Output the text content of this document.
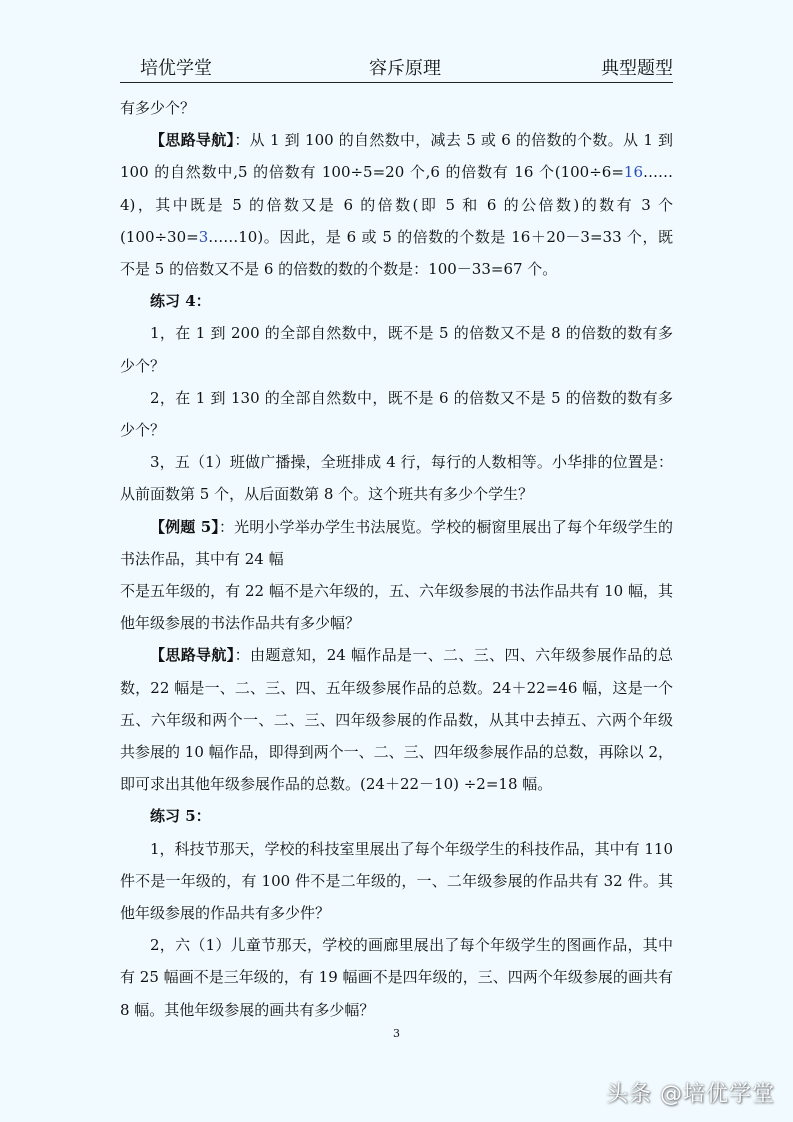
培优学堂	容斥原理	典型题型

有多少个？

【思路导航】：从 1 到 100 的自然数中，减去 5 或 6 的倍数的个数。从 1 到 100 的自然数中,5 的倍数有 100÷5=20 个,6 的倍数有 16 个(100÷6=16……4)，其中既是 5 的倍数又是 6 的倍数(即 5 和 6 的公倍数)的数有 3 个(100÷30=3……10)。因此，是 6 或 5 的倍数的个数是 16＋20－3=33 个，既不是 5 的倍数又不是 6 的倍数的数的个数是：100－33=67 个。

练习 4：

1，在 1 到 200 的全部自然数中，既不是 5 的倍数又不是 8 的倍数的数有多少个？

2，在 1 到 130 的全部自然数中，既不是 6 的倍数又不是 5 的倍数的数有多少个？

3，五（1）班做广播操，全班排成 4 行，每行的人数相等。小华排的位置是：从前面数第 5 个，从后面数第 8 个。这个班共有多少个学生？

【例题 5】：光明小学举办学生书法展览。学校的橱窗里展出了每个年级学生的书法作品，其中有 24 幅

不是五年级的，有 22 幅不是六年级的，五、六年级参展的书法作品共有 10 幅，其他年级参展的书法作品共有多少幅？

【思路导航】：由题意知，24 幅作品是一、二、三、四、六年级参展作品的总数，22 幅是一、二、三、四、五年级参展作品的总数。24＋22=46 幅，这是一个五、六年级和两个一、二、三、四年级参展的作品数，从其中去掉五、六两个年级共参展的 10 幅作品，即得到两个一、二、三、四年级参展作品的总数，再除以 2，即可求出其他年级参展作品的总数。(24＋22－10) ÷2=18 幅。

练习 5：

1，科技节那天，学校的科技室里展出了每个年级学生的科技作品，其中有 110 件不是一年级的，有 100 件不是二年级的，一、二年级参展的作品共有 32 件。其他年级参展的作品共有多少件？

2，六（1）儿童节那天，学校的画廊里展出了每个年级学生的图画作品，其中有 25 幅画不是三年级的，有 19 幅画不是四年级的，三、四两个年级参展的画共有 8 幅。其他年级参展的画共有多少幅？

3
头条 @培优学堂
